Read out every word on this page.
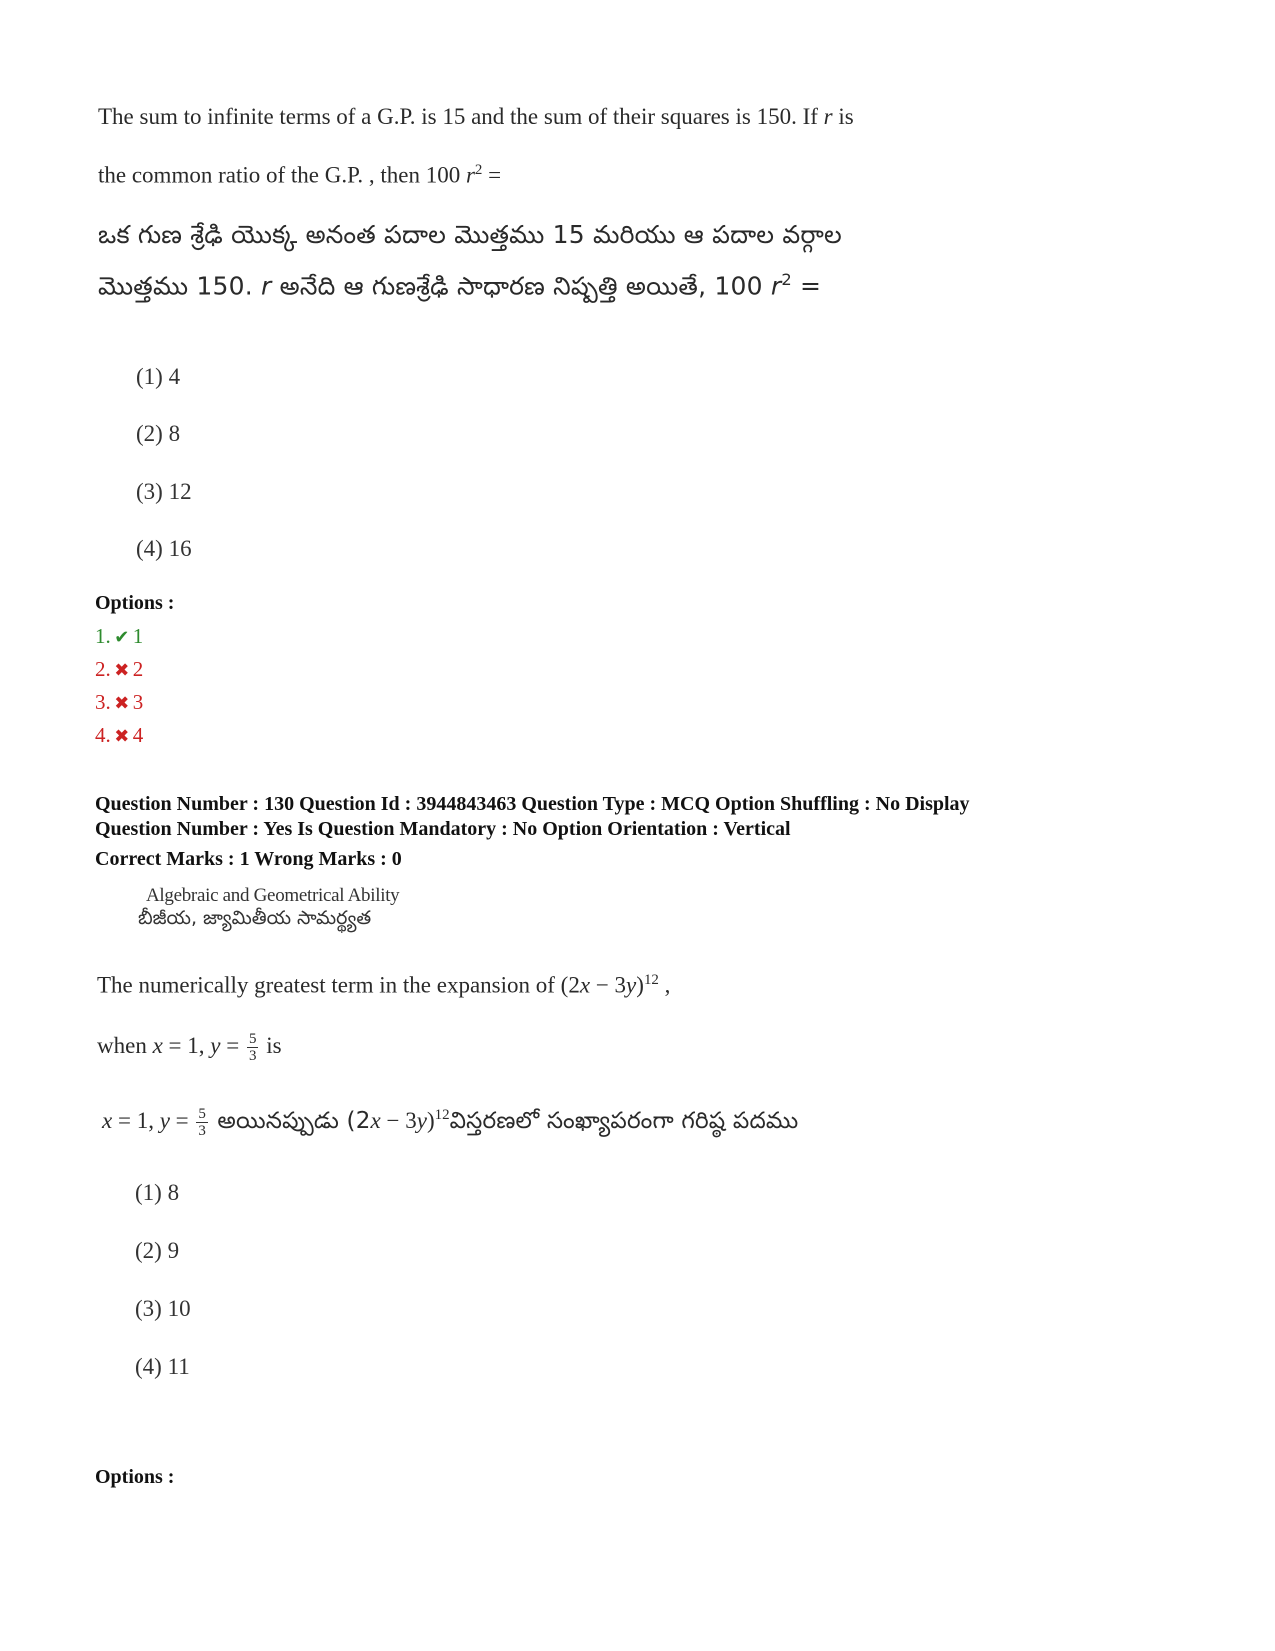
The sum to infinite terms of a G.P. is 15 and the sum of their squares is 150. If r is
the common ratio of the G.P. , then 100 $r^2$ =
ఒక గుణ శ్రేఢి యొక్క అనంత పదాల మొత్తము 15 మరియు ఆ పదాల వర్గాల
మొత్తము 150. r అనేది ఆ గుణశ్రేఢి సాధారణ నిష్పత్తి అయితే, 100 $r^2$ =
(1) 4
(2) 8
(3) 12
(4) 16
Options :
1. ✔ 1
2. ✖ 2
3. ✖ 3
4. ✖ 4
Question Number : 130 Question Id : 3944843463 Question Type : MCQ Option Shuffling : No Display
Question Number : Yes Is Question Mandatory : No Option Orientation : Vertical
Correct Marks : 1 Wrong Marks : 0
Algebraic and Geometrical Ability
బీజీయ, జ్యామితీయ సామర్థ్యత
The numerically greatest term in the expansion of $(2x - 3y)^{12}$ ,
when x = 1, $y = \frac{5}{3}$ is
x = 1, $y = \frac{5}{3}$ అయినప్పుడు $(2x - 3y)^{12}విస్తరణలో$ సంఖ్యాపరంగా గరిష్ఠ పదము
(1) 8
(2) 9
(3) 10
(4) 11
Options :
